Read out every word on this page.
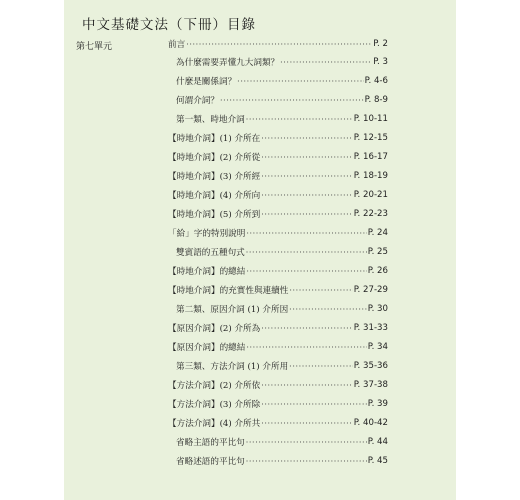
中文基礎文法（下冊）目錄
第七單元	前言 ·····	P. 2
為什麼需要弄懂九大詞類？ ·····	P. 3
什麼是關係詞？ ·····	P. 4-6
何謂介詞？ ·····	P. 8-9
第一類、時地介詞 ·····	P. 10-11
【時地介詞】(1) 介所在 ·····	P. 12-15
【時地介詞】(2) 介所從 ·····	P. 16-17
【時地介詞】(3) 介所經 ·····	P. 18-19
【時地介詞】(4) 介所向 ·····	P. 20-21
【時地介詞】(5) 介所到 ·····	P. 22-23
「給」字的特別說明 ·····	P. 24
雙賓語的五種句式 ·····	P. 25
【時地介詞】的總結 ·····	P. 26
【時地介詞】的充實性與連續性 ·····	P. 27-29
第二類、原因介詞 (1) 介所因 ·····	P. 30
【原因介詞】(2) 介所為 ·····	P. 31-33
【原因介詞】的總結 ·····	P. 34
第三類、方法介詞 (1) 介所用 ·····	P. 35-36
【方法介詞】(2) 介所依 ·····	P. 37-38
【方法介詞】(3) 介所除 ·····	P. 39
【方法介詞】(4) 介所共 ·····	P. 40-42
省略主語的平比句 ·····	P. 44
省略述語的平比句 ·····	P. 45
